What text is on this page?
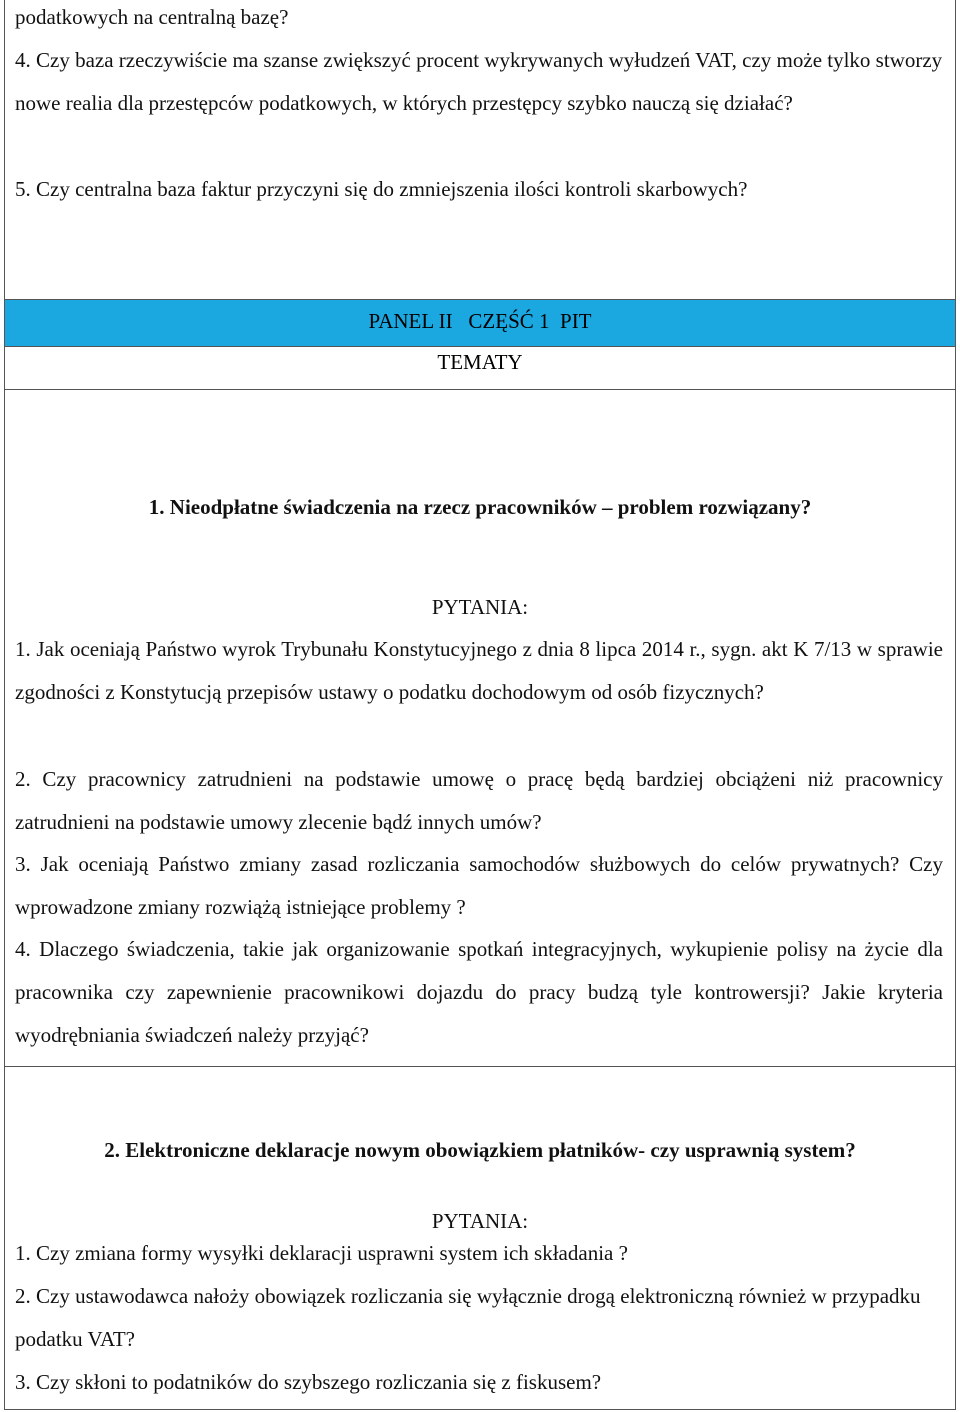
podatkowych na centralną bazę?

4. Czy baza rzeczywiście ma szanse zwiększyć procent wykrywanych wyłudzeń VAT, czy może tylko stworzy nowe realia dla przestępców podatkowych, w których przestępcy szybko nauczą się działać?

5. Czy centralna baza faktur przyczyni się do zmniejszenia ilości kontroli skarbowych?

PANEL II   CZĘŚĆ 1  PIT
TEMATY

1. Nieodpłatne świadczenia na rzecz pracowników – problem rozwiązany?

PYTANIA:

1. Jak oceniają Państwo wyrok Trybunału Konstytucyjnego z dnia 8 lipca 2014 r., sygn. akt K 7/13 w sprawie zgodności z Konstytucją przepisów ustawy o podatku dochodowym od osób fizycznych?

2. Czy pracownicy zatrudnieni na podstawie umowę o pracę będą bardziej obciążeni niż pracownicy zatrudnieni na podstawie umowy zlecenie bądź innych umów?

3. Jak oceniają Państwo zmiany zasad rozliczania samochodów służbowych do celów prywatnych? Czy wprowadzone zmiany rozwiążą istniejące problemy ?

4. Dlaczego świadczenia, takie jak organizowanie spotkań integracyjnych, wykupienie polisy na życie dla pracownika czy zapewnienie pracownikowi dojazdu do pracy budzą tyle kontrowersji? Jakie kryteria wyodrębniania świadczeń należy przyjąć?

2. Elektroniczne deklaracje nowym obowiązkiem płatników- czy usprawnią system?

PYTANIA:

1. Czy zmiana formy wysyłki deklaracji usprawni system ich składania ?

2. Czy ustawodawca nałoży obowiązek rozliczania się wyłącznie drogą elektroniczną również w przypadku podatku VAT?

3. Czy skłoni to podatników do szybszego rozliczania się z fiskusem?
